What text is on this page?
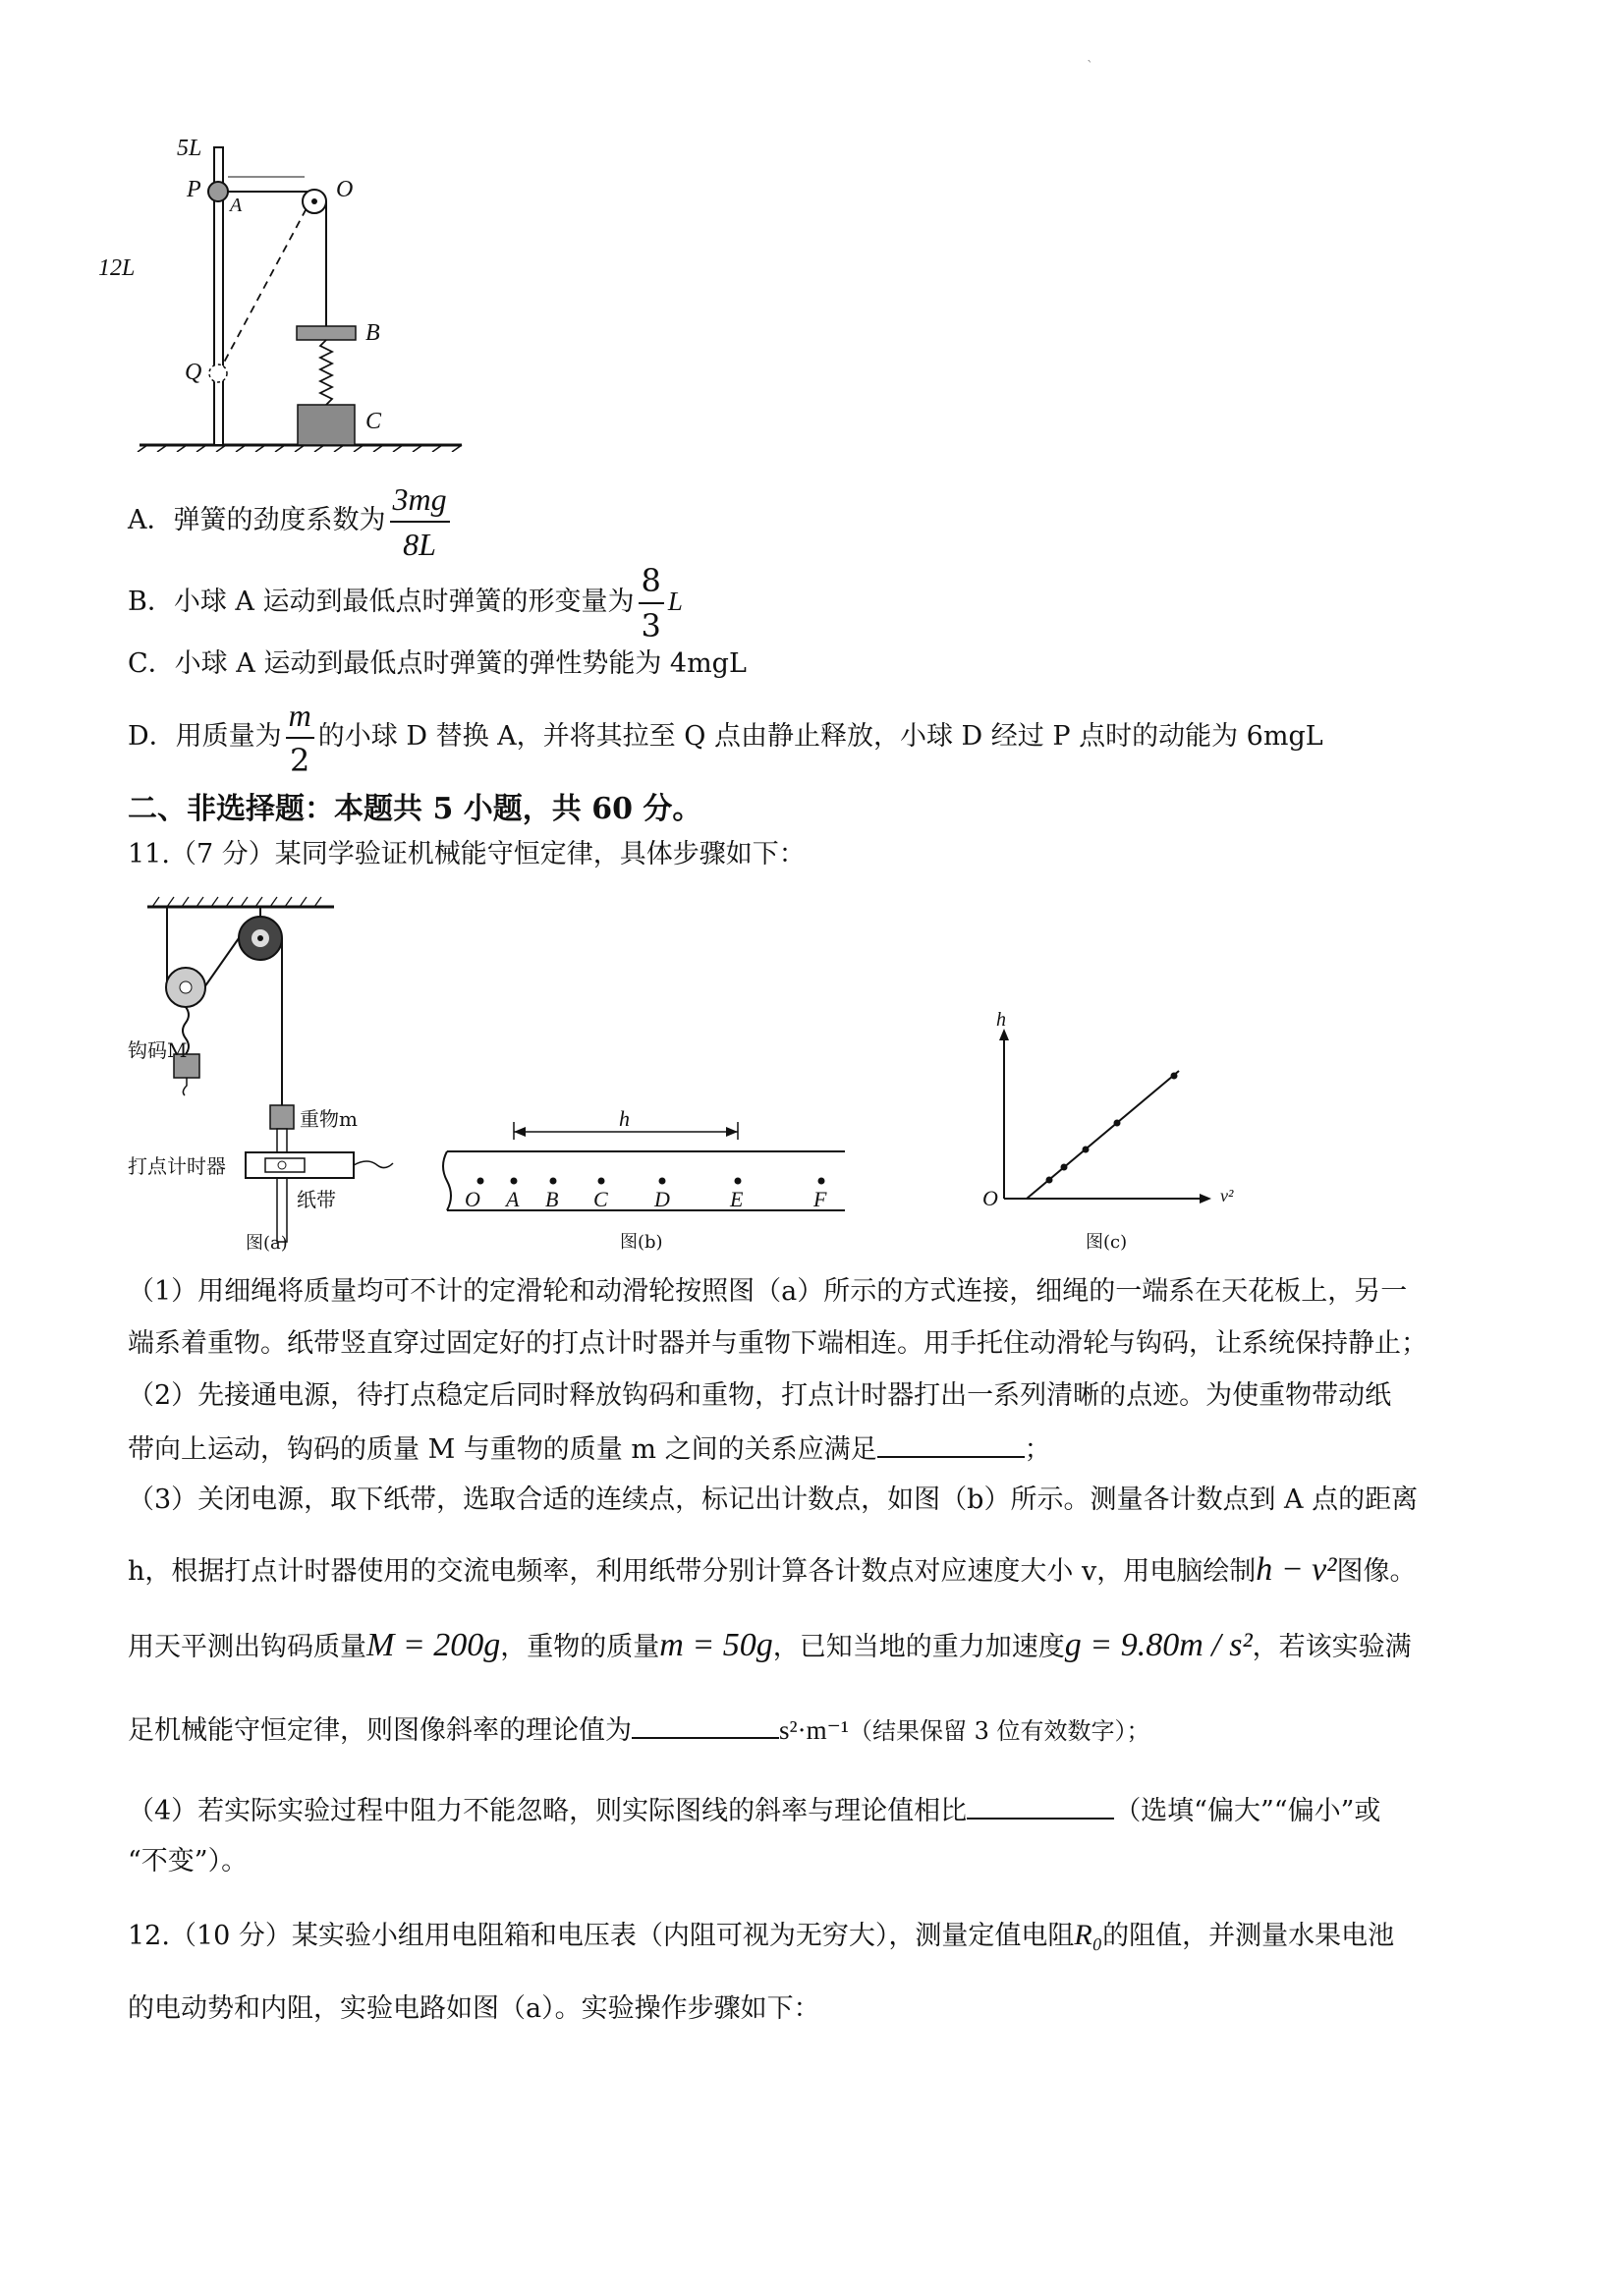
`
5L
12L
P
A
O
Q
B
C
A．弹簧的劲度系数为 $\frac{3mg}{8L}$
B．小球 A 运动到最低点时弹簧的形变量为 $\frac{8}{3}$ L
C．小球 A 运动到最低点时弹簧的弹性势能为 4mgL
D．用质量为 $\frac{m}{2}$ 的小球 D 替换 A，并将其拉至 Q 点由静止释放，小球 D 经过 P 点时的动能为 6mgL
二、非选择题：本题共 5 小题，共 60 分。
11.（7 分）某同学验证机械能守恒定律，具体步骤如下：
钩码M
重物m
打点计时器
纸带
图(a)
h
O A B C D	E	F
图(b)
h
v²
O
图(c)
（1）用细绳将质量均可不计的定滑轮和动滑轮按照图（a）所示的方式连接，细绳的一端系在天花板上，另一
端系着重物。纸带竖直穿过固定好的打点计时器并与重物下端相连。用手托住动滑轮与钩码，让系统保持静止；
（2）先接通电源，待打点稳定后同时释放钩码和重物，打点计时器打出一系列清晰的点迹。为使重物带动纸
带向上运动，钩码的质量 M 与重物的质量 m 之间的关系应满足	；
（3）关闭电源，取下纸带，选取合适的连续点，标记出计数点，如图（b）所示。测量各计数点到 A 点的距离
h，根据打点计时器使用的交流电频率，利用纸带分别计算各计数点对应速度大小 v，用电脑绘制h − v²图像。
用天平测出钩码质量M = 200g，重物的质量m = 50g，已知当地的重力加速度g = 9.80m / s²，若该实验满
足机械能守恒定律，则图像斜率的理论值为	s²·m⁻¹（结果保留 3 位有效数字）；
（4）若实际实验过程中阻力不能忽略，则实际图线的斜率与理论值相比	（选填“偏大”“偏小”或
“不变”）。
12.（10 分）某实验小组用电阻箱和电压表（内阻可视为无穷大），测量定值电阻R₀的阻值，并测量水果电池
的电动势和内阻，实验电路如图（a）。实验操作步骤如下：
